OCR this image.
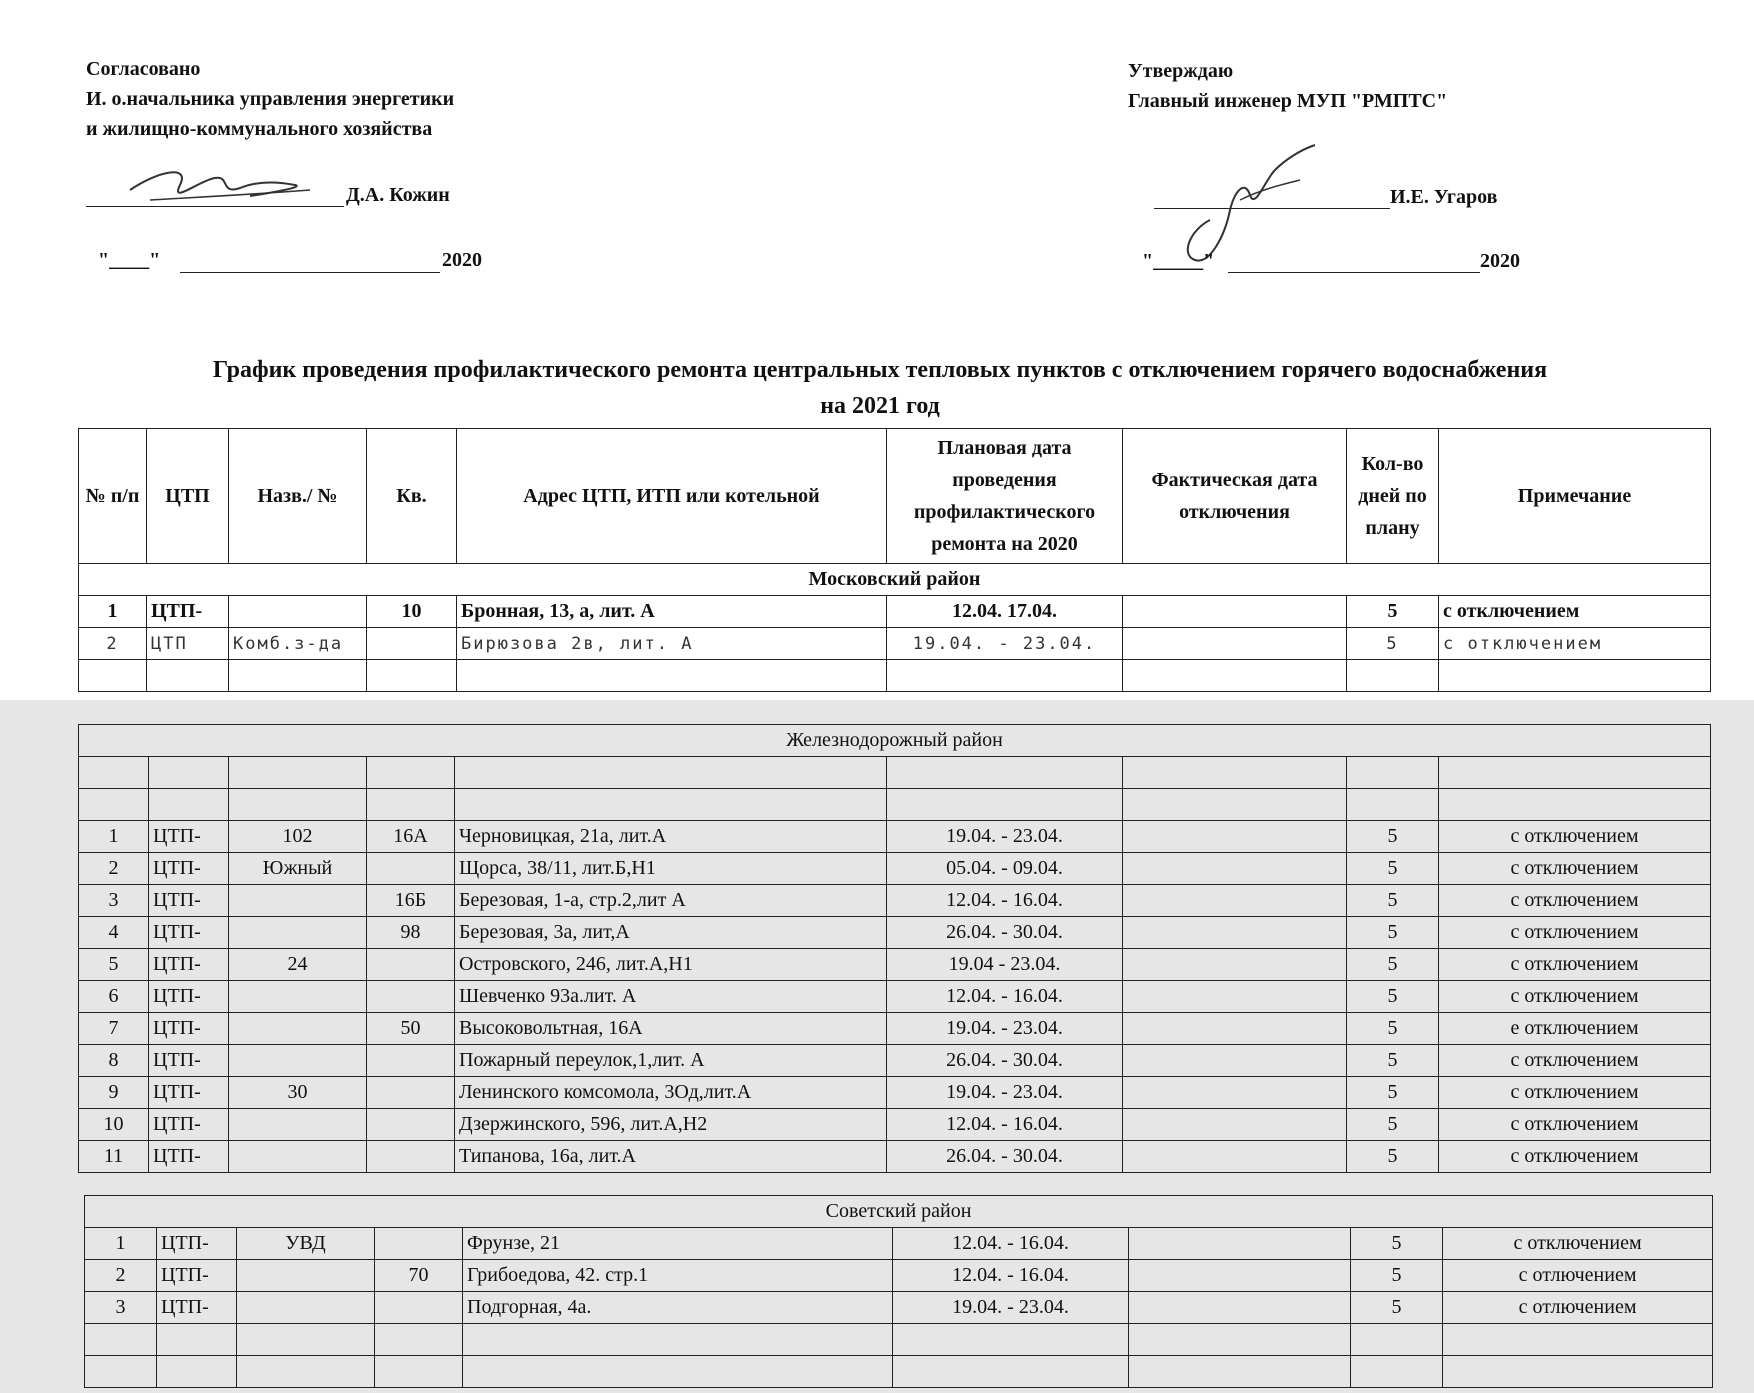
Согласовано
И. о.начальника управления энергетики
и жилищно-коммунального хозяйства
Д.А. Кожин
"____"	2020
Утверждаю
Главный инженер МУП "РМПТС"
И.Е. Угаров
"_____"	2020
График проведения профилактического ремонта центральных тепловых пунктов с отключением горячего водоснабжения
на 2021 год
№ п/п	ЦТП	Назв./ №	Кв.	Адрес ЦТП, ИТП или котельной	Плановая дата проведения профилактического ремонта на 2020	Фактическая дата отключения	Кол-во дней по плану	Примечание
Московский район								
1	ЦТП-		10	Бронная, 13, а, лит. А	12.04. 17.04.		5	с отключением
2	ЦТП	Комб.з-да		Бирюзова 2в, лит. А	19.04. - 23.04.		5	с отключением

Железнодорожный район								

1	ЦТП-	102	16А	Черновицкая, 21а, лит.А	19.04. - 23.04.		5	с отключением
2	ЦТП-	Южный		Щорса, 38/11, лит.Б,Н1	05.04. - 09.04.		5	с отключением
3	ЦТП-		16Б	Березовая, 1-а, стр.2,лит А	12.04. - 16.04.		5	с отключением
4	ЦТП-		98	Березовая, 3а, лит,А	26.04. - 30.04.		5	с отключением
5	ЦТП-	24		Островского, 246, лит.А,Н1	19.04 - 23.04.		5	с отключением
6	ЦТП-			Шевченко 93а.лит. А	12.04. - 16.04.		5	с отключением
7	ЦТП-		50	Высоковольтная, 16А	19.04. - 23.04.		5	е отключением
8	ЦТП-			Пожарный переулок,1,лит. А	26.04. - 30.04.		5	с отключением
9	ЦТП-	30		Ленинского комсомола, 3Од,лит.А	19.04. - 23.04.		5	с отключением
10	ЦТП-			Дзержинского, 596, лит.А,Н2	12.04. - 16.04.		5	с отключением
11	ЦТП-			Типанова, 16а, лит.А	26.04. - 30.04.		5	с отключением
Советский район								
1	ЦТП-	УВД		Фрунзе, 21	12.04. - 16.04.		5	с отключением
2	ЦТП-		70	Грибоедова, 42. стр.1	12.04. - 16.04.		5	с отлючением
3	ЦТП-			Подгорная, 4а.	19.04. - 23.04.		5	с отлючением
